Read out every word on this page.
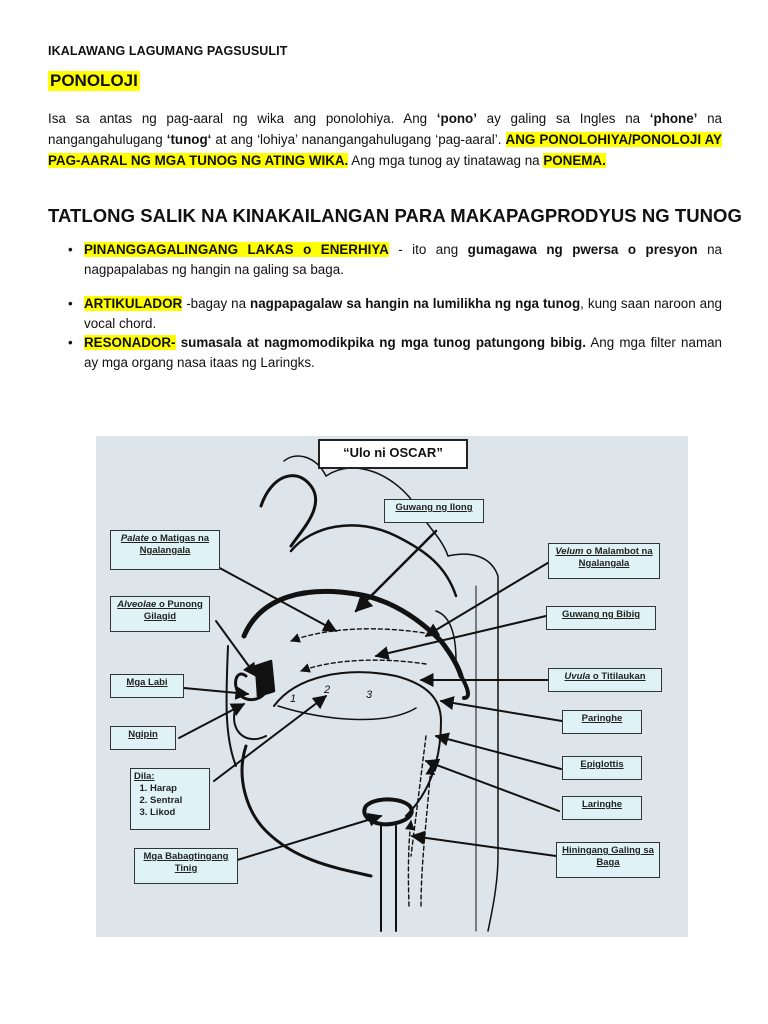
IKALAWANG LAGUMANG PAGSUSULIT
PONOLOJI
Isa sa antas ng pag-aaral ng wika ang ponolohiya. Ang ‘pono’ ay galing sa Ingles na ‘phone’ na nangangahulugang ‘tunog‘ at ang ‘lohiya’ nanangangahulugang ‘pag-aaral’. ANG PONOLOHIYA/PONOLOJI AY PAG-AARAL NG MGA TUNOG NG ATING WIKA. Ang mga tunog ay tinatawag na PONEMA.
TATLONG SALIK NA KINAKAILANGAN PARA MAKAPAGPRODYUS NG TUNOG
• PINANGGAGALINGANG LAKAS o ENERHIYA - ito ang gumagawa ng pwersa o presyon na nagpapalabas ng hangin na galing sa baga.
• ARTIKULADOR -bagay na nagpapagalaw sa hangin na lumilikha ng nga tunog, kung saan naroon ang vocal chord.
• RESONADOR- sumasala at nagmomodikpika ng mga tunog patungong bibig. Ang mga filter naman ay mga organg nasa itaas ng Laringks.
1
2	3
“Ulo ni OSCAR”
Guwang ng Ilong
Palate o Matigas na Ngalangala	Velum o Malambot na Ngalangala
Alveolae o Punong Gilagid	Guwang ng Bibig
Mga Labi
Uvula o Titilaukan
Paringhe
Ngipin
Epiglottis
Dila:
1. Harap
2. Sentral
3. Likod
Laringhe
Mga Babagtingang Tinig
Hiningang Galing sa Baga
